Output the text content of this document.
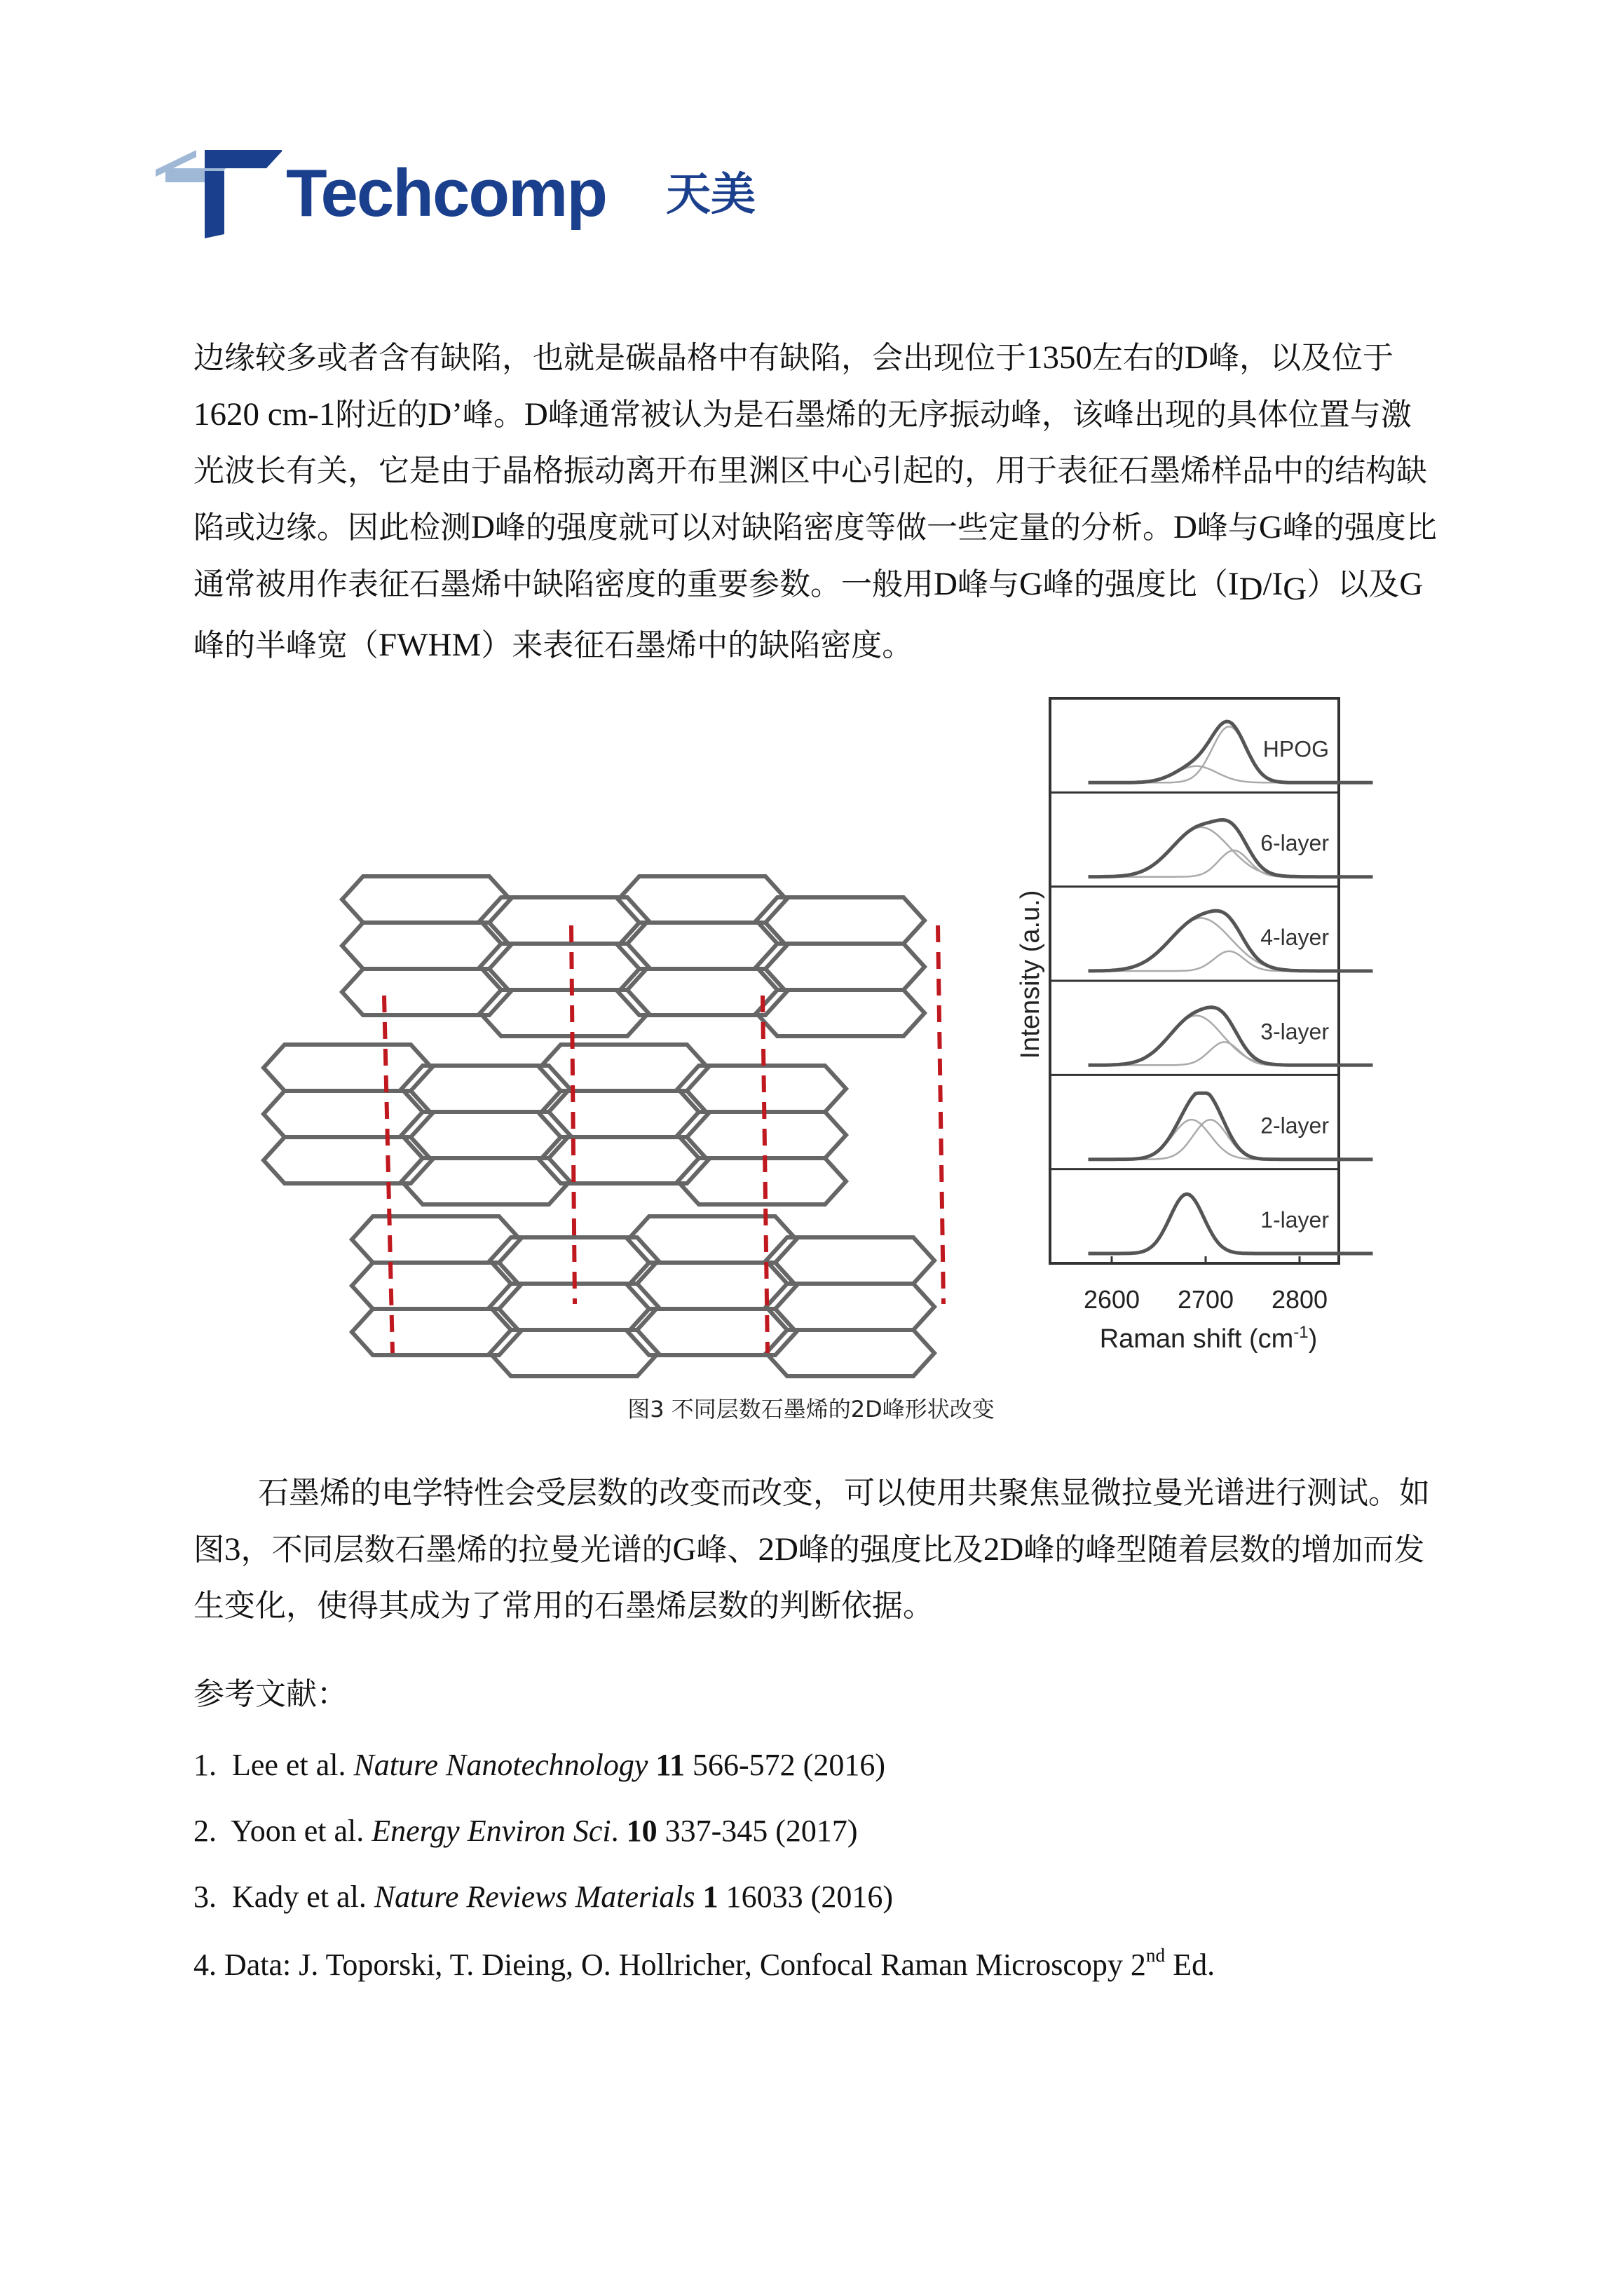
Techcomp 天美

边缘较多或者含有缺陷，也就是碳晶格中有缺陷，会出现位于1350左右的D峰，以及位于1620 cm-1附近的D’峰。D峰通常被认为是石墨烯的无序振动峰，该峰出现的具体位置与激光波长有关，它是由于晶格振动离开布里渊区中心引起的，用于表征石墨烯样品中的结构缺陷或边缘。因此检测D峰的强度就可以对缺陷密度等做一些定量的分析。D峰与G峰的强度比通常被用作表征石墨烯中缺陷密度的重要参数。一般用D峰与G峰的强度比（ID/IG）以及G峰的半峰宽（FWHM）来表征石墨烯中的缺陷密度。

HPOG
6-layer
4-layer
3-layer
2-layer
1-layer
2600 2700 2800
Raman shift $(cm^{-1})$
Intensity (a.u.)
图3 不同层数石墨烯的2D峰形状改变

石墨烯的电学特性会受层数的改变而改变，可以使用共聚焦显微拉曼光谱进行测试。如图3，不同层数石墨烯的拉曼光谱的G峰、2D峰的强度比及2D峰的峰型随着层数的增加而发生变化，使得其成为了常用的石墨烯层数的判断依据。

参考文献：
1. Lee et al. Nature Nanotechnology 11 566-572 (2016)
2. Yoon et al. Energy Environ Sci. 10 337-345 (2017)
3. Kady et al. Nature Reviews Materials 1 16033 (2016)
4. Data: J. Toporski, T. Dieing, O. Hollricher, Confocal Raman Microscopy 2nd Ed.
